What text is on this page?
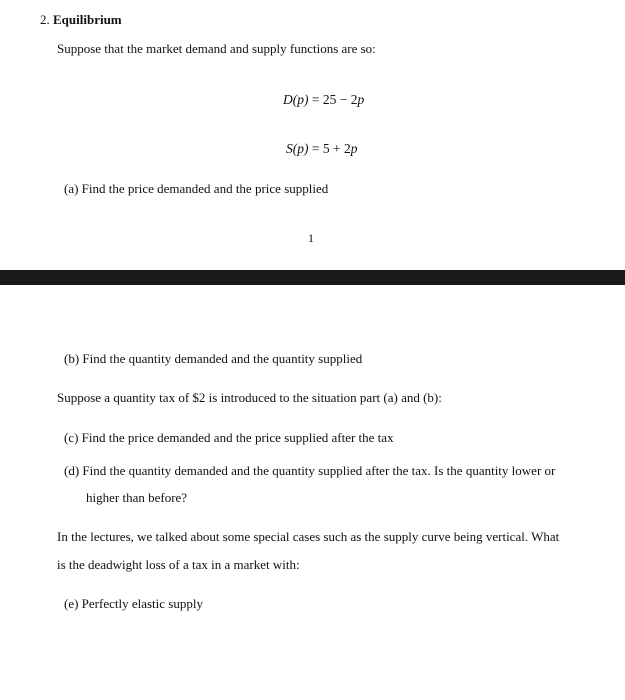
2. Equilibrium
Suppose that the market demand and supply functions are so:
D(p) = 25 − 2p
S(p) = 5 + 2p
(a) Find the price demanded and the price supplied
1
(b) Find the quantity demanded and the quantity supplied
Suppose a quantity tax of $2 is introduced to the situation part (a) and (b):
(c) Find the price demanded and the price supplied after the tax
(d) Find the quantity demanded and the quantity supplied after the tax. Is the quantity lower or
higher than before?
In the lectures, we talked about some special cases such as the supply curve being vertical. What
is the deadwight loss of a tax in a market with:
(e) Perfectly elastic supply
